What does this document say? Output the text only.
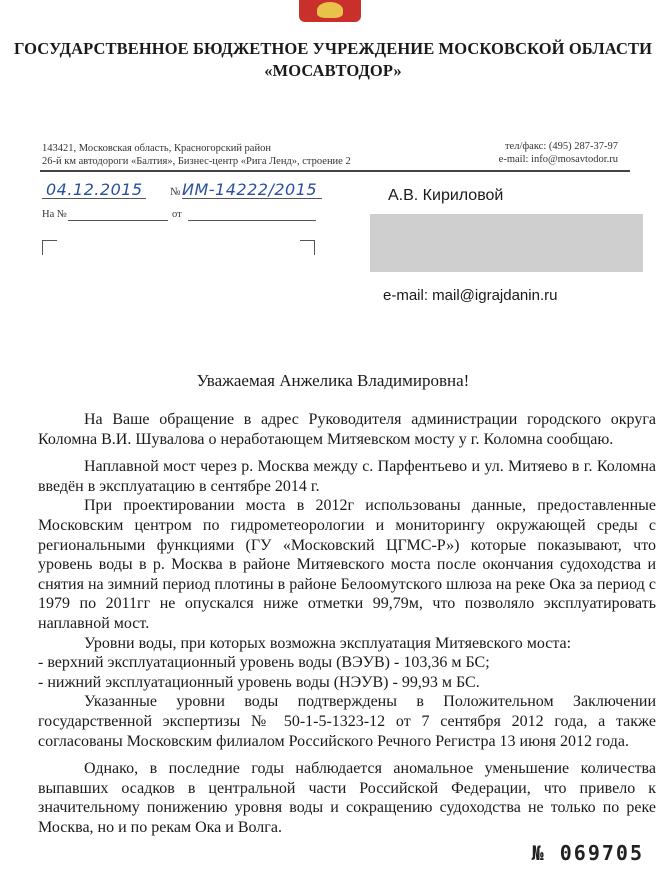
ГОСУДАРСТВЕННОЕ БЮДЖЕТНОЕ УЧРЕЖДЕНИЕ МОСКОВСКОЙ ОБЛАСТИ
«МОСАВТОДОР»
143421, Московская область, Красногорский район
26-й км автодороги «Балтия», Бизнес-центр «Рига Ленд», строение 2
тел/факс: (495) 287-37-97
e-mail: info@mosavtodor.ru
04.12.2015 № ИМ-14222/2015
На №	от
А.В. Кириловой
e-mail: mail@igrajdanin.ru
Уважаемая Анжелика Владимировна!

На Ваше обращение в адрес Руководителя администрации городского округа Коломна В.И. Шувалова о неработающем Митяевском мосту у г. Коломна сообщаю.

Наплавной мост через р. Москва между с. Парфентьево и ул. Митяево в г. Коломна введён в эксплуатацию в сентябре 2014 г.

При проектировании моста в 2012г использованы данные, предоставленные Московским центром по гидрометеорологии и мониторингу окружающей среды с региональными функциями (ГУ «Московский ЦГМС-Р») которые показывают, что уровень воды в р. Москва в районе Митяевского моста после окончания судоходства и снятия на зимний период плотины в районе Белоомутского шлюза на реке Ока за период с 1979 по 2011гг не опускался ниже отметки 99,79м, что позволяло эксплуатировать наплавной мост.

Уровни воды, при которых возможна эксплуатация Митяевского моста:

- верхний эксплуатационный уровень воды (ВЭУВ) - 103,36 м БС;

- нижний эксплуатационный уровень воды (НЭУВ) - 99,93 м БС.

Указанные уровни воды подтверждены в Положительном Заключении государственной экспертизы № 50-1-5-1323-12 от 7 сентября 2012 года, а также согласованы Московским филиалом Российского Речного Регистра 13 июня 2012 года.

Однако, в последние годы наблюдается аномальное уменьшение количества выпавших осадков в центральной части Российской Федерации, что привело к значительному понижению уровня воды и сокращению судоходства не только по реке Москва, но и по рекам Ока и Волга.

№ 069705
